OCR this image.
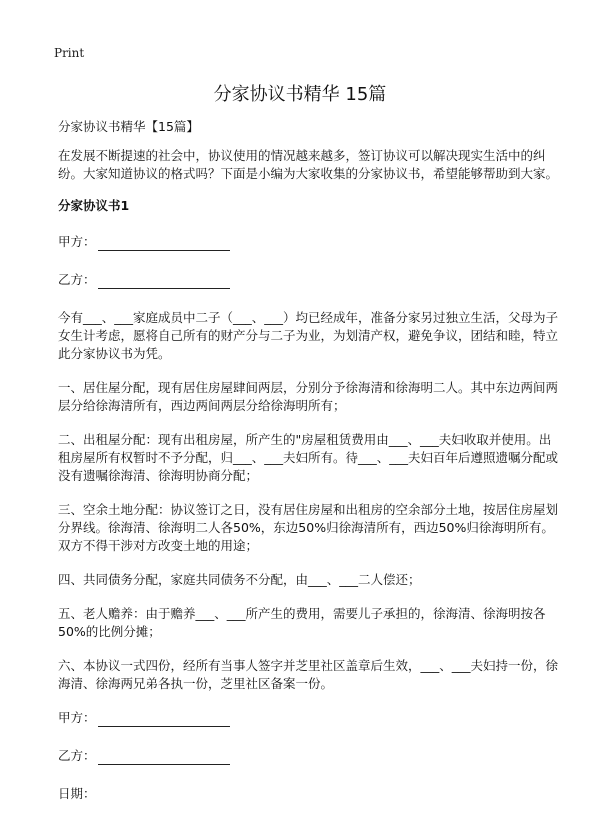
Print
分家协议书精华 15篇

分家协议书精华【15篇】

在发展不断提速的社会中，协议使用的情况越来越多，签订协议可以解决现实生活中的纠纷。大家知道协议的格式吗？下面是小编为大家收集的分家协议书，希望能够帮助到大家。

分家协议书1

甲方：
乙方：

今有___、___家庭成员中二子（___、___）均已经成年，准备分家另过独立生活，父母为子女生计考虑，愿将自己所有的财产分与二子为业，为划清产权，避免争议，团结和睦，特立此分家协议书为凭。

一、居住屋分配，现有居住房屋肆间两层，分别分予徐海清和徐海明二人。其中东边两间两层分给徐海清所有，西边两间两层分给徐海明所有；

二、出租屋分配：现有出租房屋，所产生的"房屋租赁费用由___、___夫妇收取并使用。出租房屋所有权暂时不予分配，归___、___夫妇所有。待___、___夫妇百年后遵照遗嘱分配或没有遗嘱徐海清、徐海明协商分配；

三、空余土地分配：协议签订之日，没有居住房屋和出租房的空余部分土地，按居住房屋划分界线。徐海清、徐海明二人各50%，东边50%归徐海清所有，西边50%归徐海明所有。双方不得干涉对方改变土地的用途；

四、共同债务分配，家庭共同债务不分配，由___、___二人偿还；

五、老人赡养：由于赡养___、___所产生的费用，需要儿子承担的，徐海清、徐海明按各50%的比例分摊；

六、本协议一式四份，经所有当事人签字并芝里社区盖章后生效，___、___夫妇持一份，徐海清、徐海两兄弟各执一份，芝里社区备案一份。

甲方：
乙方：
日期：
